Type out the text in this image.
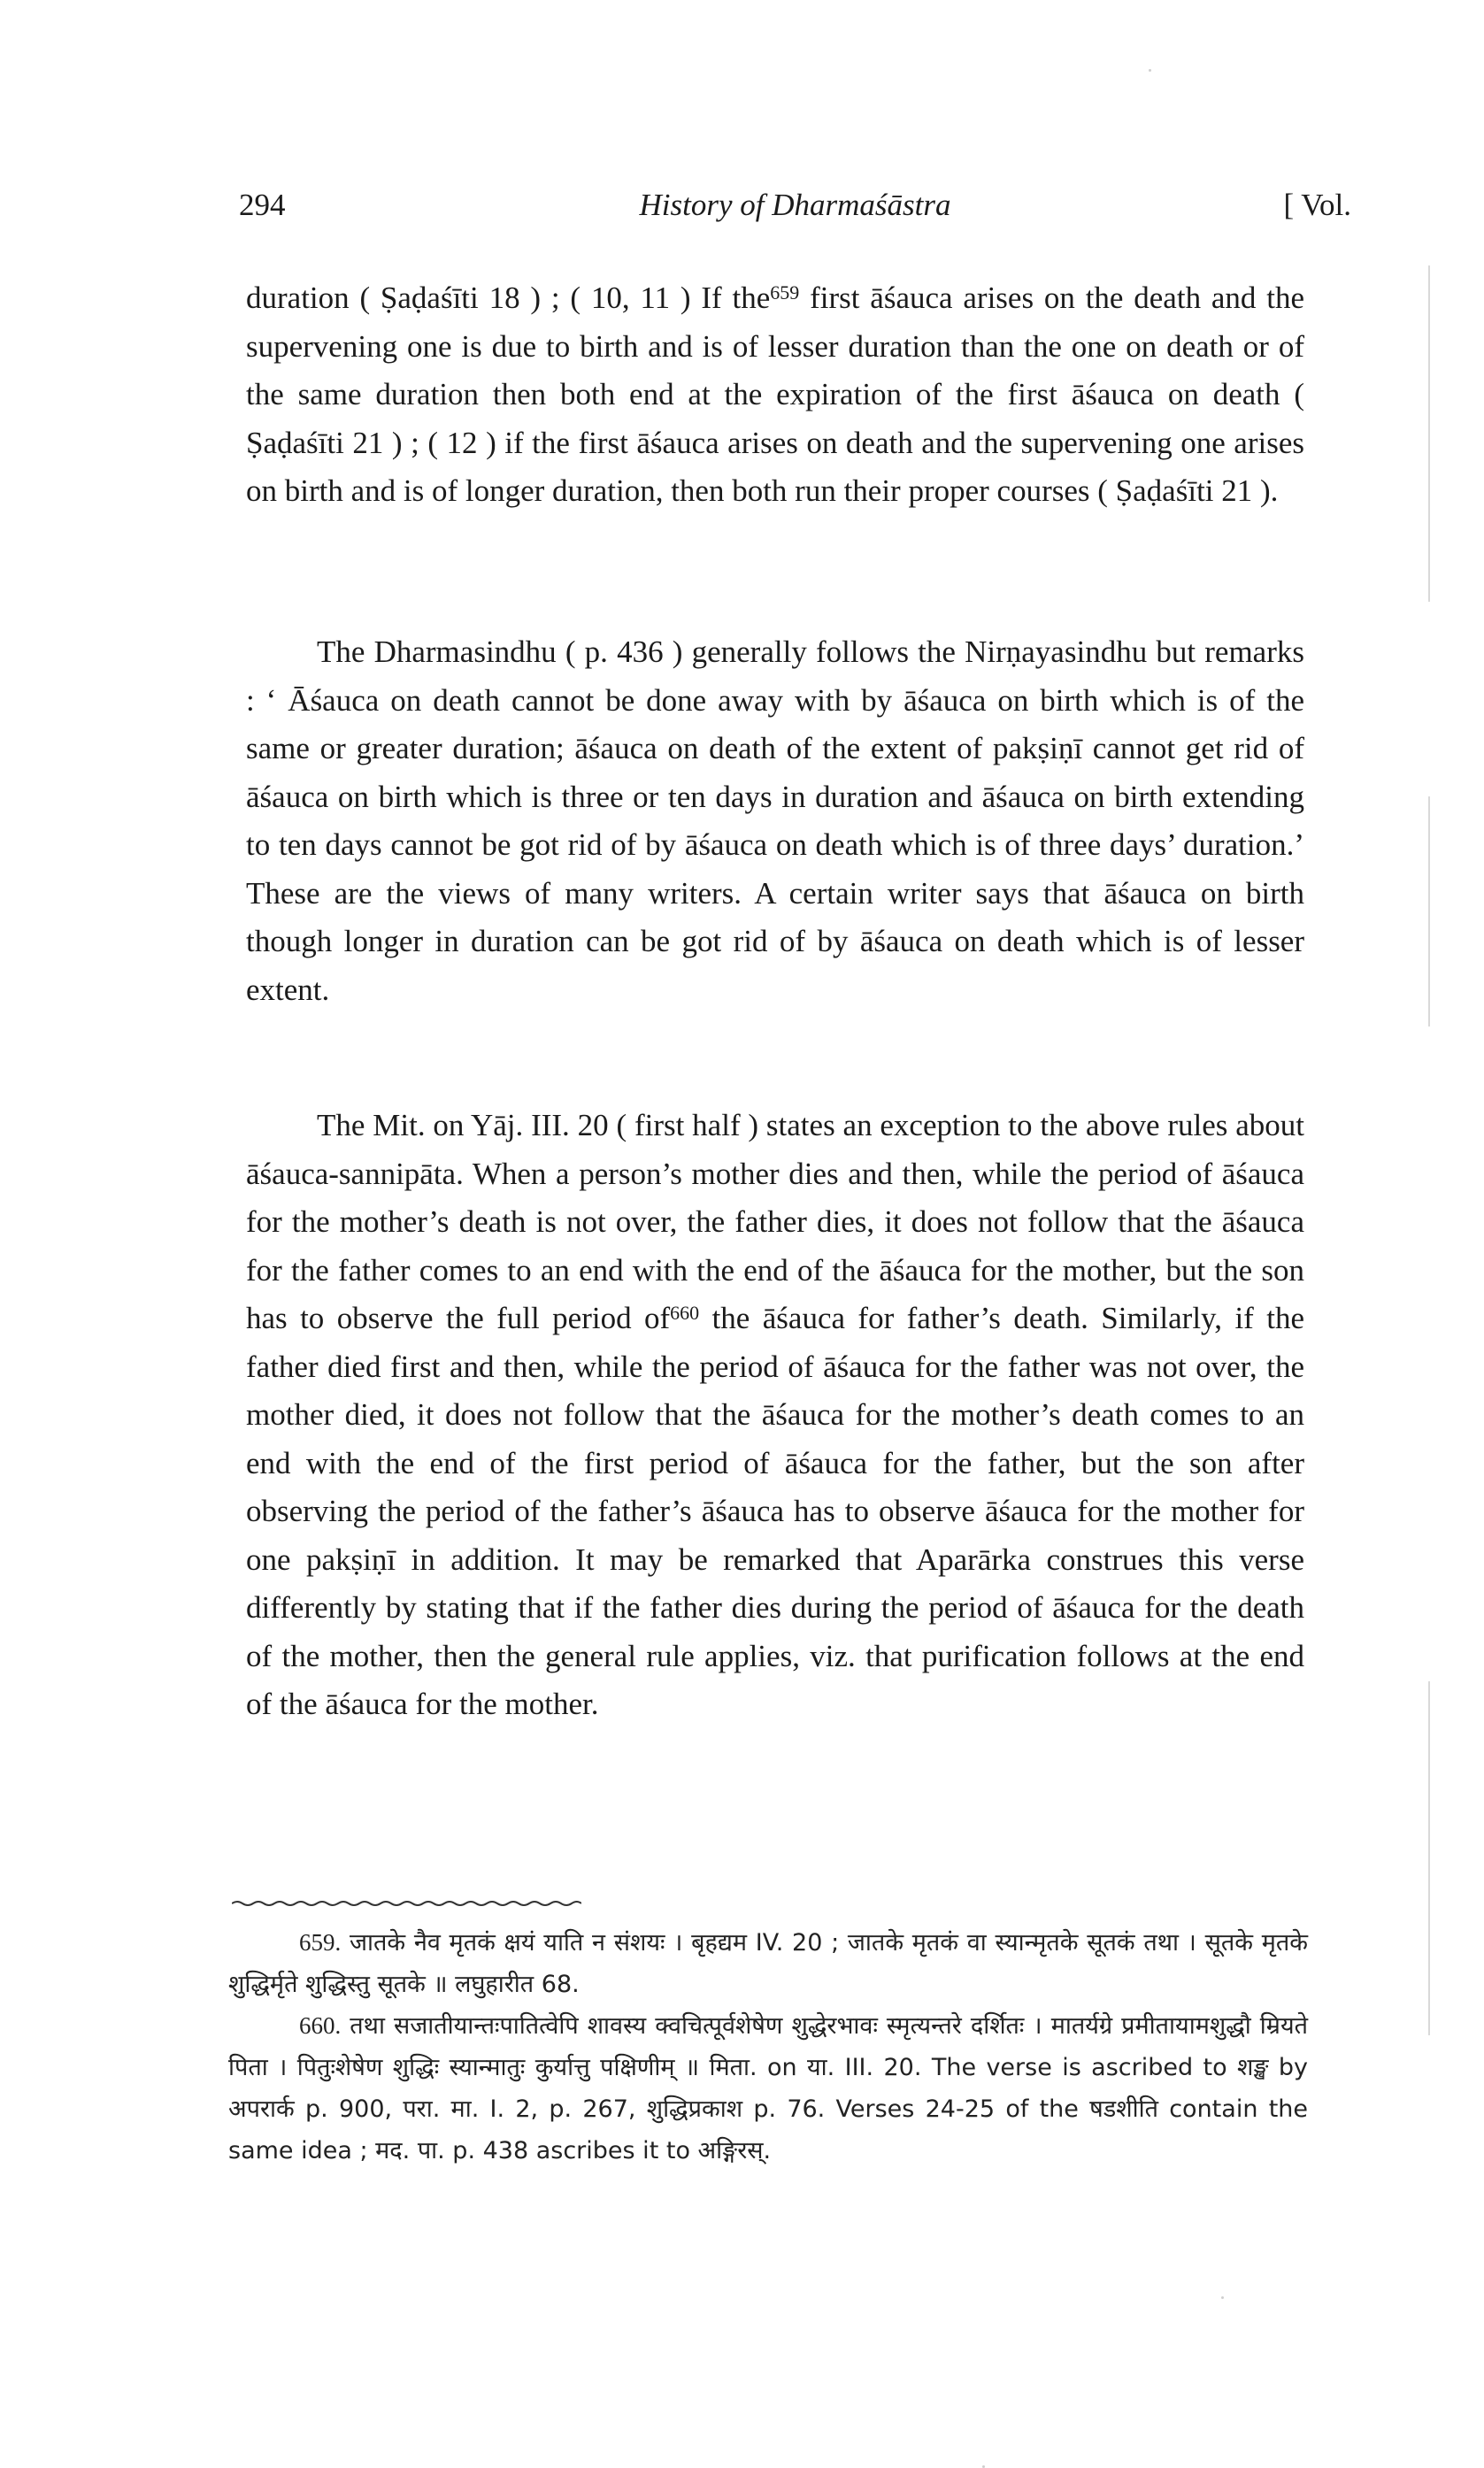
294	History of Dharmaśāstra	[ Vol.

duration ( Ṣaḍaśīti 18 ) ; ( 10, 11 ) If the$^{659}$ first āśauca arises on the death and the supervening one is due to birth and is of lesser duration than the one on death or of the same duration then both end at the expiration of the first āśauca on death ( Ṣaḍaśīti 21 ) ; ( 12 ) if the first āśauca arises on death and the supervening one arises on birth and is of longer duration, then both run their proper courses ( Ṣaḍaśīti 21 ).

The Dharmasindhu ( p. 436 ) generally follows the Nirṇayasindhu but remarks : ‘ Āśauca on death cannot be done away with by āśauca on birth which is of the same or greater duration; āśauca on death of the extent of pakṣiṇī cannot get rid of āśauca on birth which is three or ten days in duration and āśauca on birth extending to ten days cannot be got rid of by āśauca on death which is of three days’ duration.’ These are the views of many writers. A certain writer says that āśauca on birth though longer in duration can be got rid of by āśauca on death which is of lesser extent.

The Mit. on Yāj. III. 20 ( first half ) states an exception to the above rules about āśauca-sannipāta. When a person’s mother dies and then, while the period of āśauca for the mother’s death is not over, the father dies, it does not follow that the āśauca for the father comes to an end with the end of the āśauca for the mother, but the son has to observe the full period $of^{660}$ the āśauca for father’s death. Similarly, if the father died first and then, while the period of āśauca for the father was not over, the mother died, it does not follow that the āśauca for the mother’s death comes to an end with the end of the first period of āśauca for the father, but the son after observing the period of the father’s āśauca has to observe āśauca for the mother for one pakṣiṇī in addition. It may be remarked that Aparārka construes this verse differently by stating that if the father dies during the period of āśauca for the death of the mother, then the general rule applies, viz. that purification follows at the end of the āśauca for the mother.

659. जातके नैव मृतकं क्षयं याति न संशयः । बृहद्यम IV. 20 ; जातके मृतकं वा स्यान्मृतके सूतकं तथा । सूतके मृतके शुद्धिर्मृते शुद्धिस्तु सूतके ॥ लघुहारीत 68.

660. तथा सजातीयान्तःपातित्वेपि शावस्य क्वचित्पूर्वशेषेण शुद्धेरभावः स्मृत्यन्तरे दर्शितः । मातर्यग्रे प्रमीतायामशुद्धौ म्रियते पिता । पितुःशेषेण शुद्धिः स्यान्मातुः कुर्यात्तु पक्षिणीम् ॥ मिता. on या. III. 20. The verse is ascribed to शङ्ख by अपरार्क p. 900, परा. मा. I. 2, p. 267, शुद्धिप्रकाश p. 76. Verses 24-25 of the षडशीति contain the same idea ; मद. पा. p. 438 ascribes it to अङ्गिरस्.
